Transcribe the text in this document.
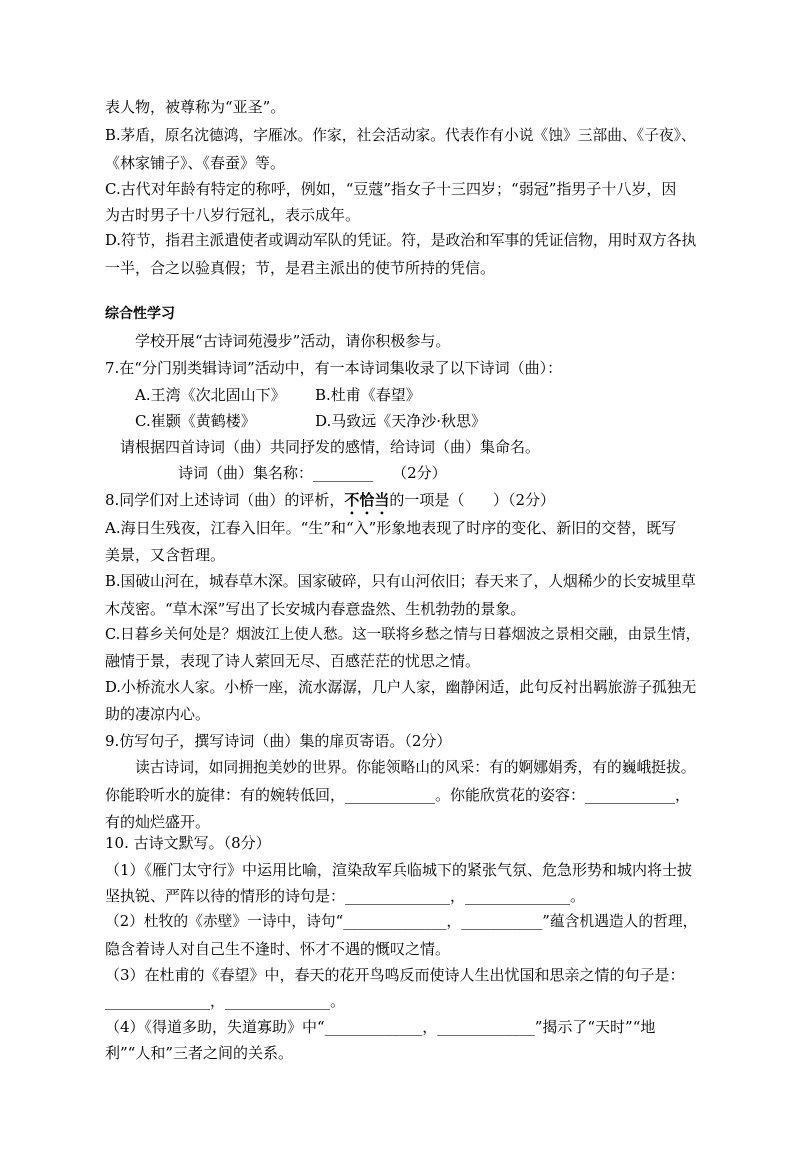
表人物，被尊称为“亚圣”。
B.茅盾，原名沈德鸿，字雁冰。作家，社会活动家。代表作有小说《蚀》三部曲、《子夜》、
《林家铺子》、《春蚕》等。
C.古代对年龄有特定的称呼，例如，“豆蔻”指女子十三四岁；“弱冠”指男子十八岁，因
为古时男子十八岁行冠礼，表示成年。
D.符节，指君主派遣使者或调动军队的凭证。符，是政治和军事的凭证信物，用时双方各执
一半，合之以验真假；节，是君主派出的使节所持的凭信。
综合性学习
学校开展“古诗词苑漫步”活动，请你积极参与。
7.在“分门别类辑诗词”活动中，有一本诗词集收录了以下诗词（曲）：
A.王湾《次北固山下》 B.杜甫《春望》
C.崔颢《黄鹤楼》	D.马致远《天净沙·秋思》
请根据四首诗词（曲）共同抒发的感情，给诗词（曲）集命名。
诗词（曲）集名称：________    （2分）
8.同学们对上述诗词（曲）的评析，不恰当的一项是（      ）（2分）
A.海日生残夜，江春入旧年。“生”和“入”形象地表现了时序的变化、新旧的交替，既写
美景，又含哲理。
B.国破山河在，城春草木深。国家破碎，只有山河依旧；春天来了，人烟稀少的长安城里草
木茂密。“草木深”写出了长安城内春意盎然、生机勃勃的景象。
C.日暮乡关何处是？烟波江上使人愁。这一联将乡愁之情与日暮烟波之景相交融，由景生情，
融情于景，表现了诗人萦回无尽、百感茫茫的忧思之情。
D.小桥流水人家。小桥一座，流水潺潺，几户人家，幽静闲适，此句反衬出羁旅游子孤独无
助的凄凉内心。
9.仿写句子，撰写诗词（曲）集的扉页寄语。（2分）
读古诗词，如同拥抱美妙的世界。你能领略山的风采：有的婀娜娟秀，有的巍峨挺拔。
你能聆听水的旋律：有的婉转低回，____________。你能欣赏花的姿容：____________，
有的灿烂盛开。
10. 古诗文默写。（8分）
（1）《雁门太守行》中运用比喻，渲染敌军兵临城下的紧张气氛、危急形势和城内将士披
坚执锐、严阵以待的情形的诗句是：______________，______________。
（2）杜牧的《赤壁》一诗中，诗句“______________，___________”蕴含机遇造人的哲理，
隐含着诗人对自己生不逢时、怀才不遇的慨叹之情。
（3）在杜甫的《春望》中，春天的花开鸟鸣反而使诗人生出忧国和思亲之情的句子是：
______________，______________。
（4）《得道多助，失道寡助》中“_____________，_____________”揭示了“天时”“地
利”“人和”三者之间的关系。
